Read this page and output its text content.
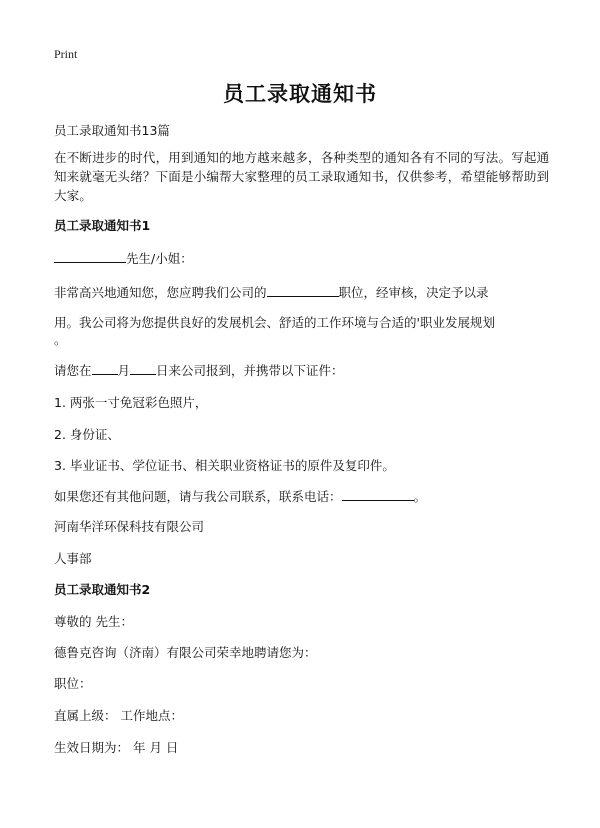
Print
员工录取通知书
员工录取通知书13篇
在不断进步的时代，用到通知的地方越来越多，各种类型的通知各有不同的写法。写起通知来就毫无头绪？下面是小编帮大家整理的员工录取通知书，仅供参考，希望能够帮助到大家。
员工录取通知书1
先生/小姐：
非常高兴地通知您，您应聘我们公司的	职位，经审核，决定予以录
用。我公司将为您提供良好的发展机会、舒适的工作环境与合适的'职业发展规划
。
请您在 月 日来公司报到，并携带以下证件：
1. 两张一寸免冠彩色照片，
2. 身份证、
3. 毕业证书、学位证书、相关职业资格证书的原件及复印件。
如果您还有其他问题，请与我公司联系，联系电话：	。
河南华洋环保科技有限公司
人事部
员工录取通知书2
尊敬的 先生：
德鲁克咨询（济南）有限公司荣幸地聘请您为：
职位：
直属上级： 工作地点：
生效日期为： 年 月 日
